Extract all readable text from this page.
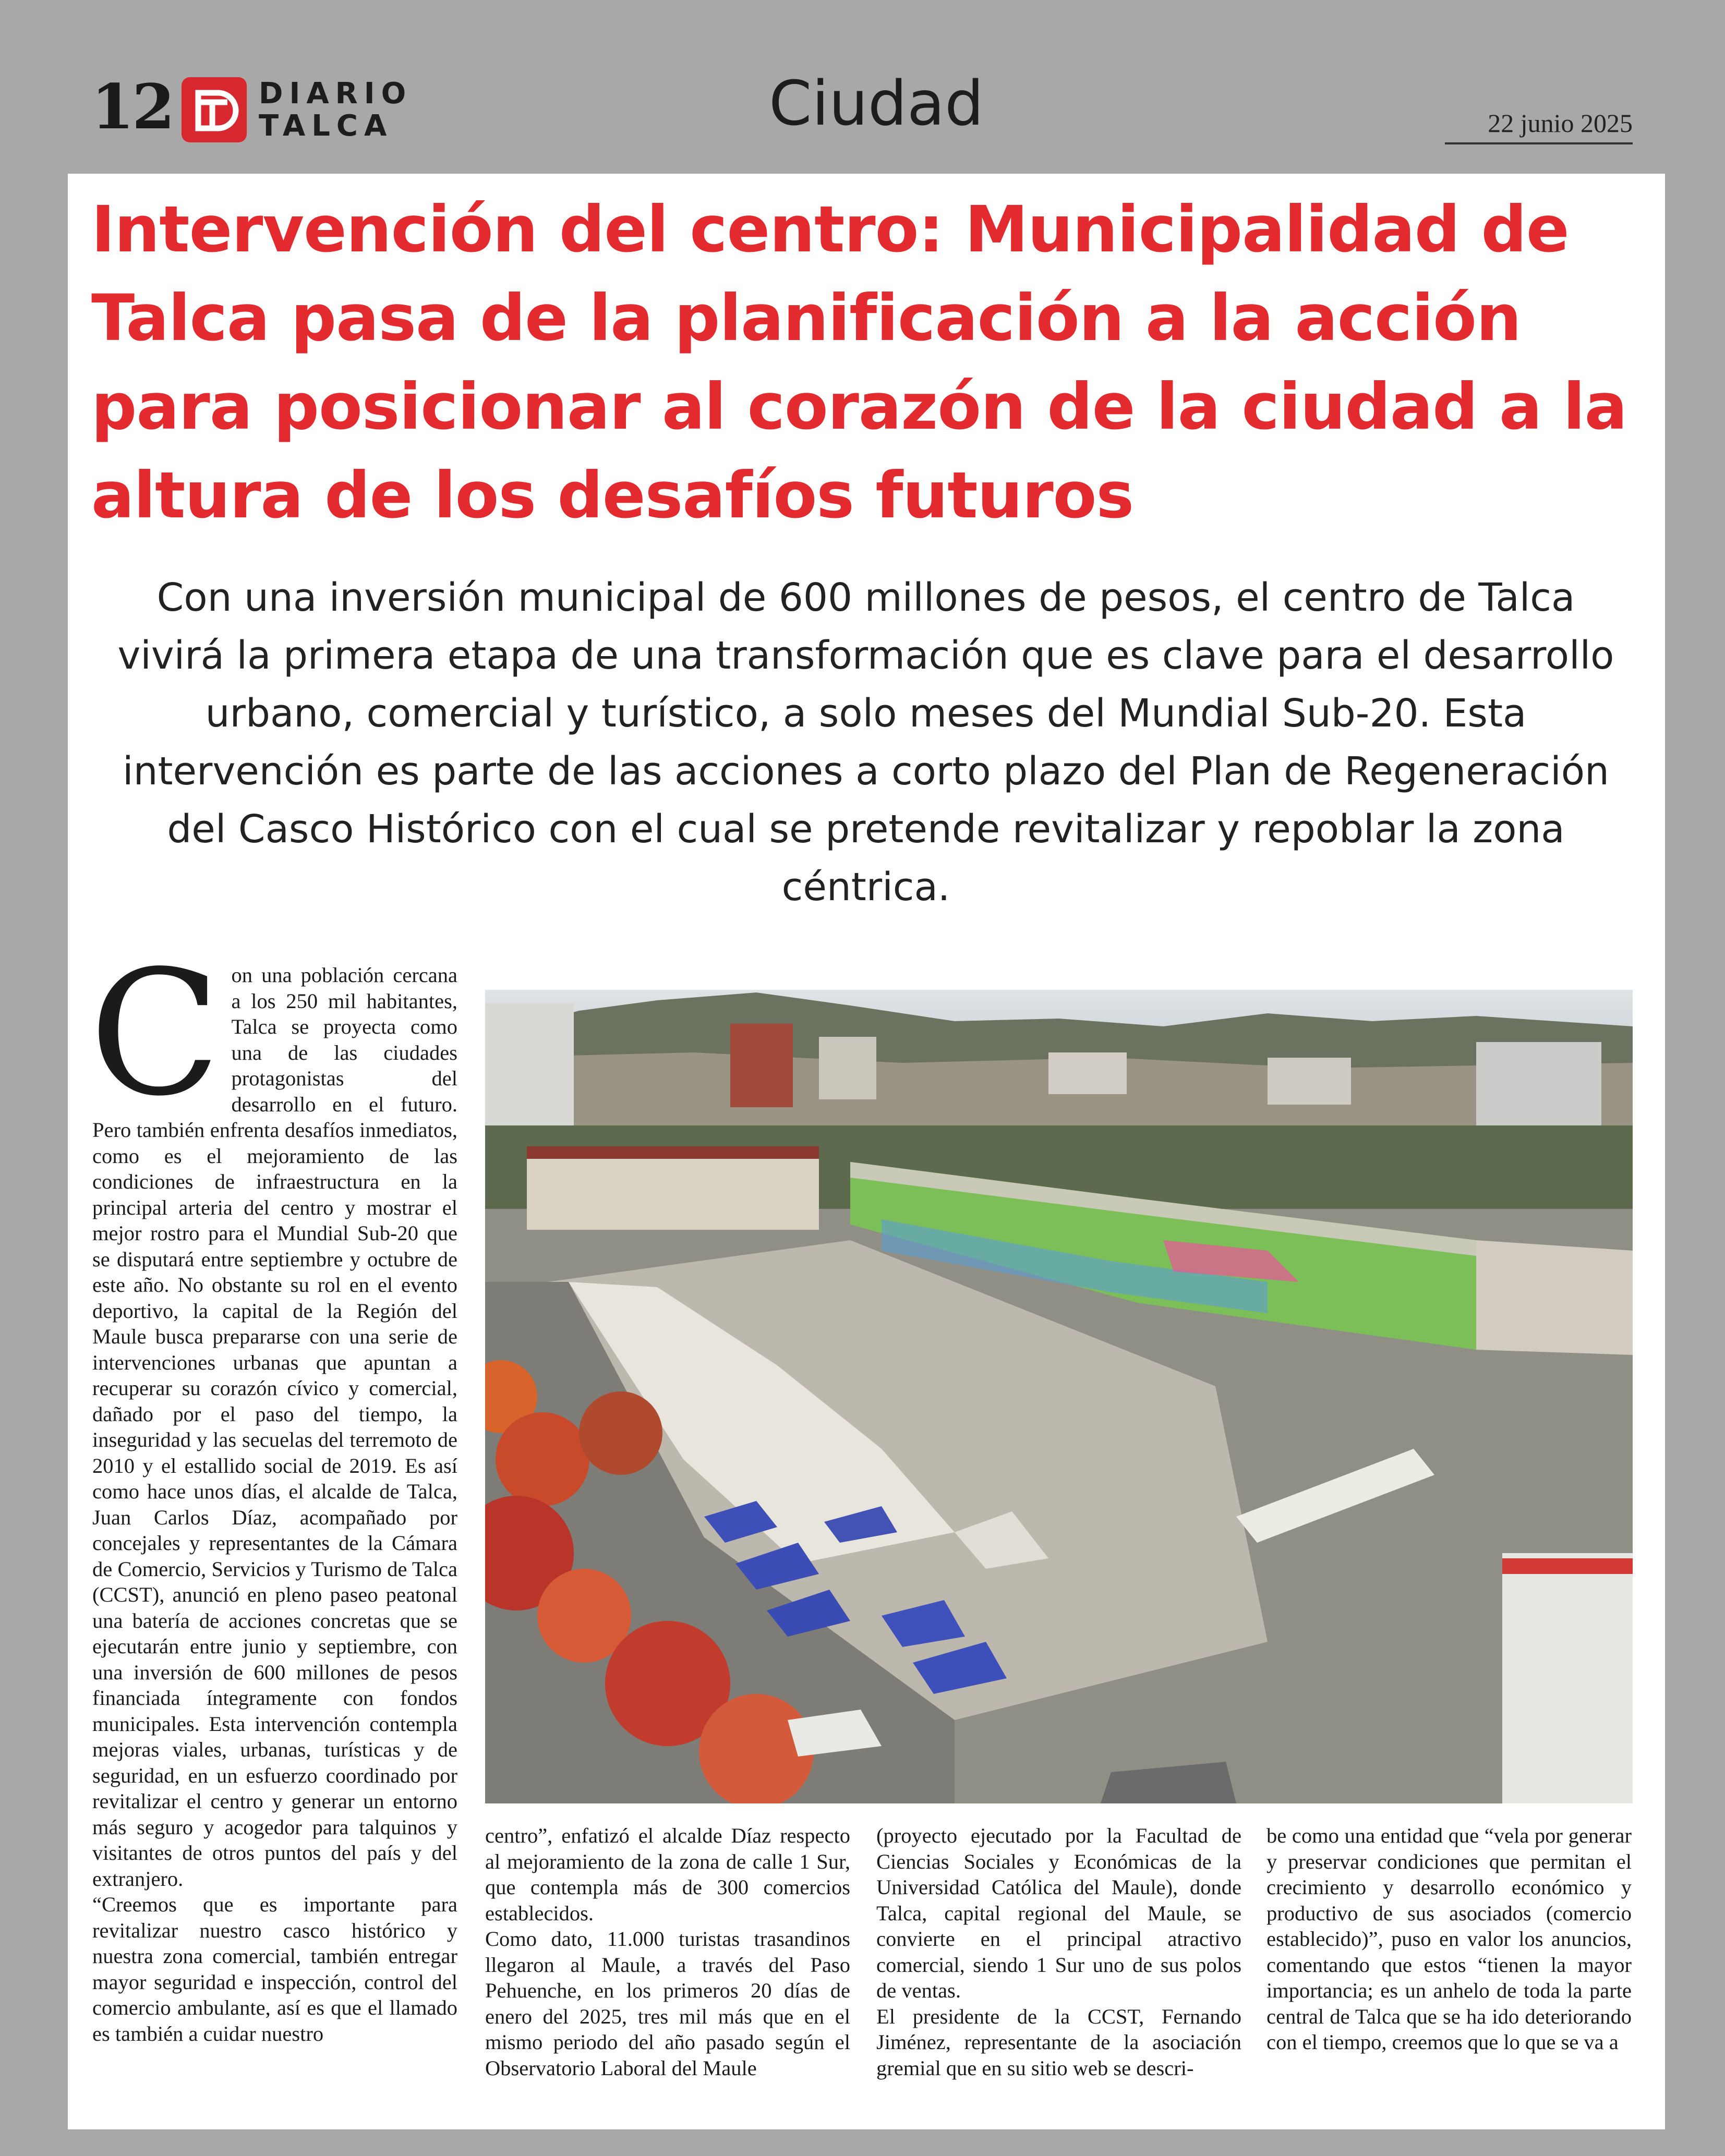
12	DIARIO
TALCA	Ciudad	22 junio 2025
Intervención del centro: Municipalidad de Talca pasa de la planificación a la acción para posicionar al corazón de la ciudad a la altura de los desafíos futuros

Con una inversión municipal de 600 millones de pesos, el centro de Talca vivirá la primera etapa de una transformación que es clave para el desarrollo urbano, comercial y turístico, a solo meses del Mundial Sub-20. Esta intervención es parte de las acciones a corto plazo del Plan de Regeneración del Casco Histórico con el cual se pretende revitalizar y repoblar la zona céntrica.

C on una población cercana a los 250 mil habitantes, Talca se proyecta como una de las ciudades protagonistas del desarrollo en el futuro. Pero también enfrenta desafíos inmediatos, como es el mejoramiento de las condiciones de infraestructura en la principal arteria del centro y mostrar el mejor rostro para el Mundial Sub-20 que se disputará entre septiembre y octubre de este año. No obstante su rol en el evento deportivo, la capital de la Región del Maule busca prepararse con una serie de intervenciones urbanas que apuntan a recuperar su corazón cívico y comercial, dañado por el paso del tiempo, la inseguridad y las secuelas del terremoto de 2010 y el estallido social de 2019. Es así como hace unos días, el alcalde de Talca, Juan Carlos Díaz, acompañado por concejales y representantes de la Cámara de Comercio, Servicios y Turismo de Talca (CCST), anunció en pleno paseo peatonal una batería de acciones concretas que se ejecutarán entre junio y septiembre, con una inversión de 600 millones de pesos financiada íntegramente con fondos municipales. Esta intervención contempla mejoras viales, urbanas, turísticas y de seguridad, en un esfuerzo coordinado por revitalizar el centro y generar un entorno más seguro y acogedor para talquinos y visitantes de otros puntos del país y del extranjero.
“Creemos que es importante para revitalizar nuestro casco histórico y nuestra zona comercial, también entregar mayor seguridad e inspección, control del comercio ambulante, así es que el llamado es también a cuidar nuestro
centro”, enfatizó el alcalde Díaz respecto al mejoramiento de la zona de calle 1 Sur, que contempla más de 300 comercios establecidos.
Como dato, 11.000 turistas trasandinos llegaron al Maule, a través del Paso Pehuenche, en los primeros 20 días de enero del 2025, tres mil más que en el mismo periodo del año pasado según el Observatorio Laboral del Maule
(proyecto ejecutado por la Facultad de Ciencias Sociales y Económicas de la Universidad Católica del Maule), donde Talca, capital regional del Maule, se convierte en el principal atractivo comercial, siendo 1 Sur uno de sus polos de ventas.
El presidente de la CCST, Fernando Jiménez, representante de la asociación gremial que en su sitio web se descri-
be como una entidad que “vela por generar y preservar condiciones que permitan el crecimiento y desarrollo económico y productivo de sus asociados (comercio establecido)”, puso en valor los anuncios, comentando que estos “tienen la mayor importancia; es un anhelo de toda la parte central de Talca que se ha ido deteriorando con el tiempo, creemos que lo que se va a
